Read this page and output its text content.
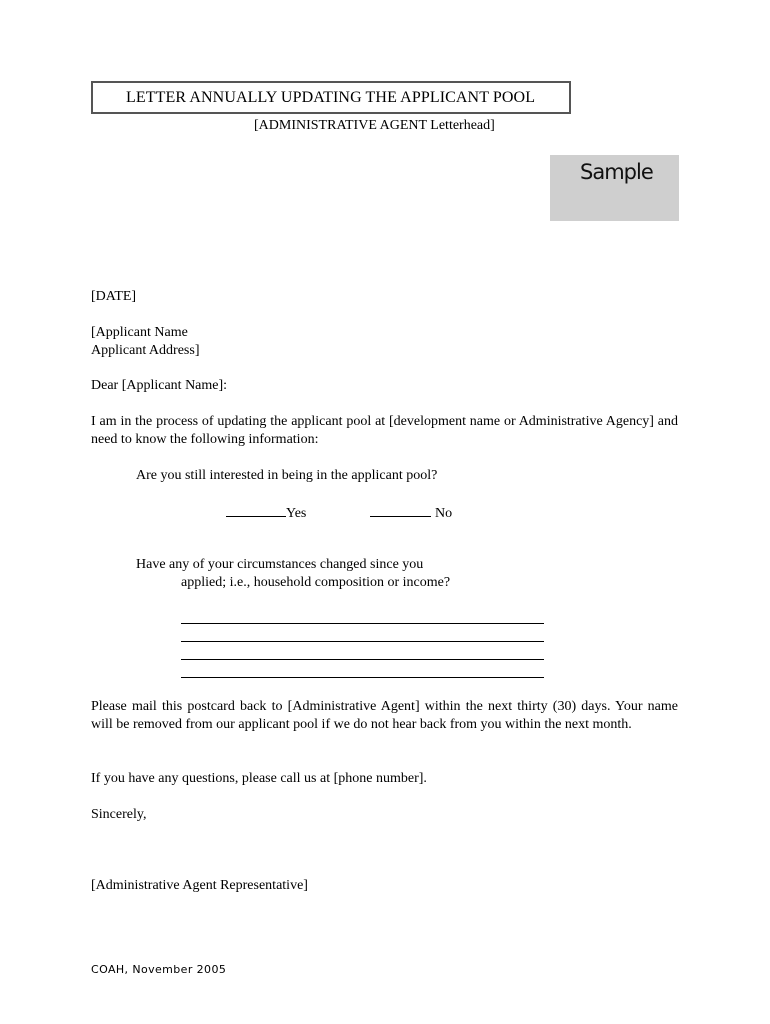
LETTER ANNUALLY UPDATING THE APPLICANT POOL
[ADMINISTRATIVE AGENT Letterhead]
Sample
[DATE]
[Applicant Name
Applicant Address]
Dear [Applicant Name]:
I am in the process of updating the applicant pool at [development name or Administrative Agency] and need to know the following information:
Are you still interested in being in the applicant pool?
Yes	No
Have any of your circumstances changed since you
applied; i.e., household composition or income?
Please mail this postcard back to [Administrative Agent] within the next thirty (30) days. Your name will be removed from our applicant pool if we do not hear back from you within the next month.
If you have any questions, please call us at [phone number].
Sincerely,
[Administrative Agent Representative]
COAH, November 2005
